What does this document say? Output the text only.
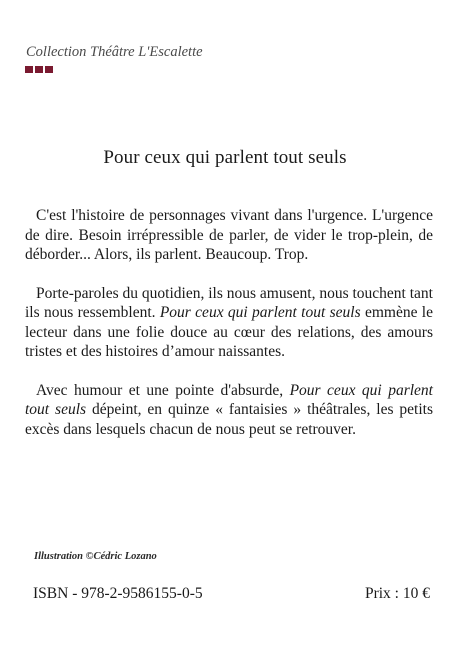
Collection Théâtre L'Escalette
Pour ceux qui parlent tout seuls

C'est l'histoire de personnages vivant dans l'urgence. L'urgence de dire. Besoin irrépressible de parler, de vider le trop-plein, de déborder... Alors, ils parlent. Beaucoup. Trop.

Porte-paroles du quotidien, ils nous amusent, nous touchent tant ils nous ressemblent. Pour ceux qui parlent tout seuls emmène le lecteur dans une folie douce au cœur des relations, des amours tristes et des histoires d’amour naissantes.

Avec humour et une pointe d'absurde, Pour ceux qui parlent tout seuls dépeint, en quinze « fantaisies » théâtrales, les petits excès dans lesquels chacun de nous peut se retrouver.

Illustration ©Cédric Lozano
ISBN - 978-2-9586155-0-5	Prix : 10 €
